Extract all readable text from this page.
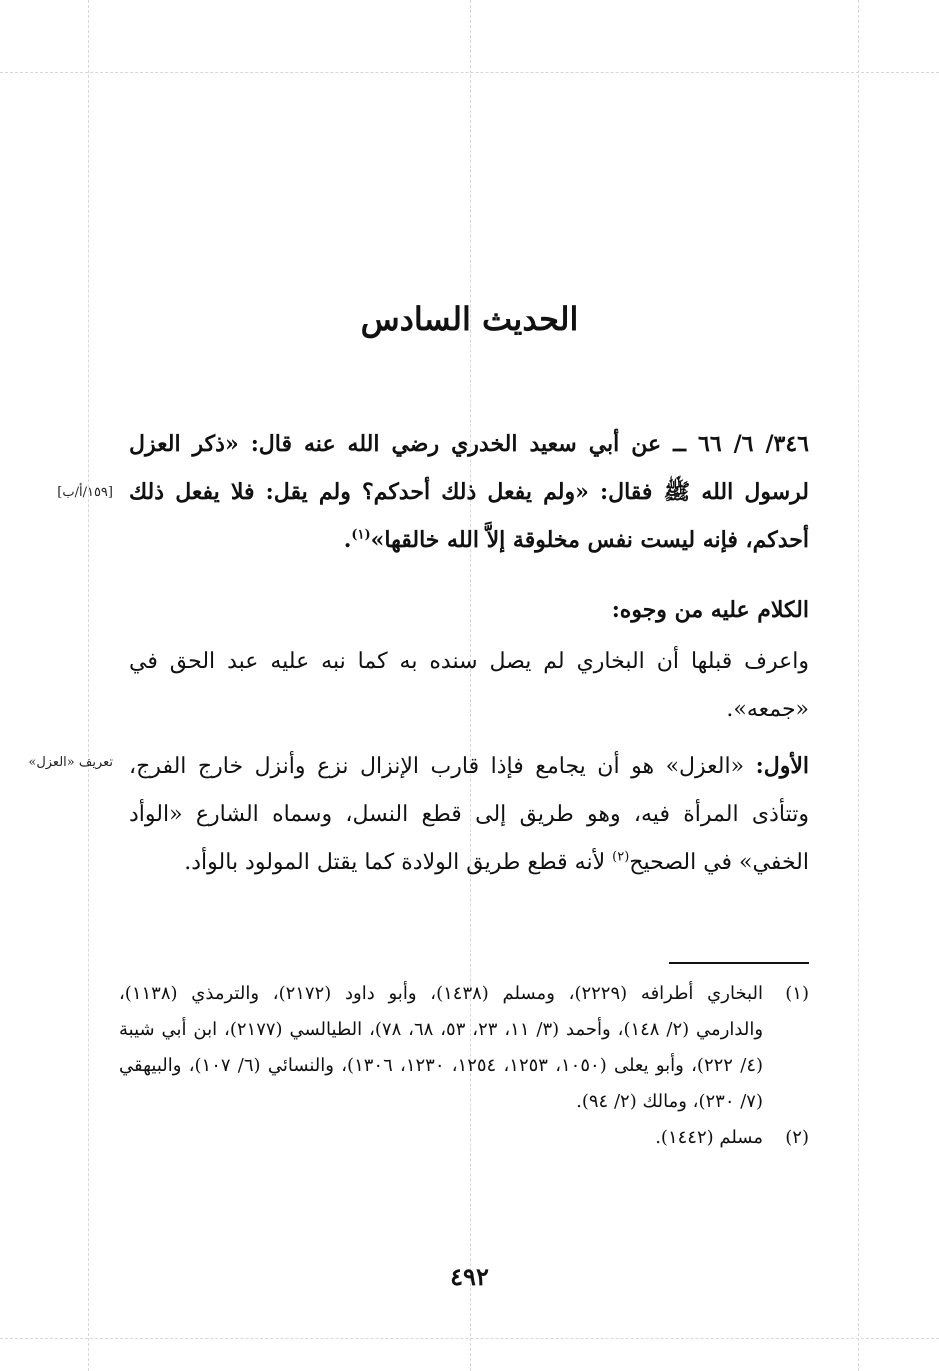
الحديث السادس
[١٥٩/أ/ب]

٣٤٦/ ٦/ ٦٦ ــ عن أبي سعيد الخدري رضي الله عنه قال: «ذكر العزل لرسول الله ﷺ فقال: «ولم يفعل ذلك أحدكم؟ ولم يقل: فلا يفعل ذلك أحدكم، فإنه ليست نفس مخلوقة إلاَّ الله خالقها»$^{(١)}$.

الكلام عليه من وجوه:

واعرف قبلها أن البخاري لم يصل سنده به كما نبه عليه عبد الحق في «جمعه».

تعريف «العزل»	الأول: «العزل» هو أن يجامع فإذا قارب الإنزال نزع وأنزل خارج الفرج، وتتأذى المرأة فيه، وهو طريق إلى قطع النسل، وسماه الشارع «الوأد الخفي» في الصحيح$^{(٢)}$ لأنه قطع طريق الولادة كما يقتل المولود بالوأد.

(١)
البخاري أطرافه (٢٢٢٩)، ومسلم (١٤٣٨)، وأبو داود (٢١٧٢)، والترمذي (١١٣٨)، والدارمي (٢/ ١٤٨)، وأحمد (٣/ ١١، ٢٣، ٥٣، ٦٨، ٧٨)، الطيالسي (٢١٧٧)، ابن أبي شيبة (٤/ ٢٢٢)، وأبو يعلى (١٠٥٠، ١٢٥٣، ١٢٥٤، ١٢٣٠، ١٣٠٦)، والنسائي (٦/ ١٠٧)، والبيهقي (٧/ ٢٣٠)، ومالك (٢/ ٩٤).
(٢)
مسلم (١٤٤٢).
٤٩٢
